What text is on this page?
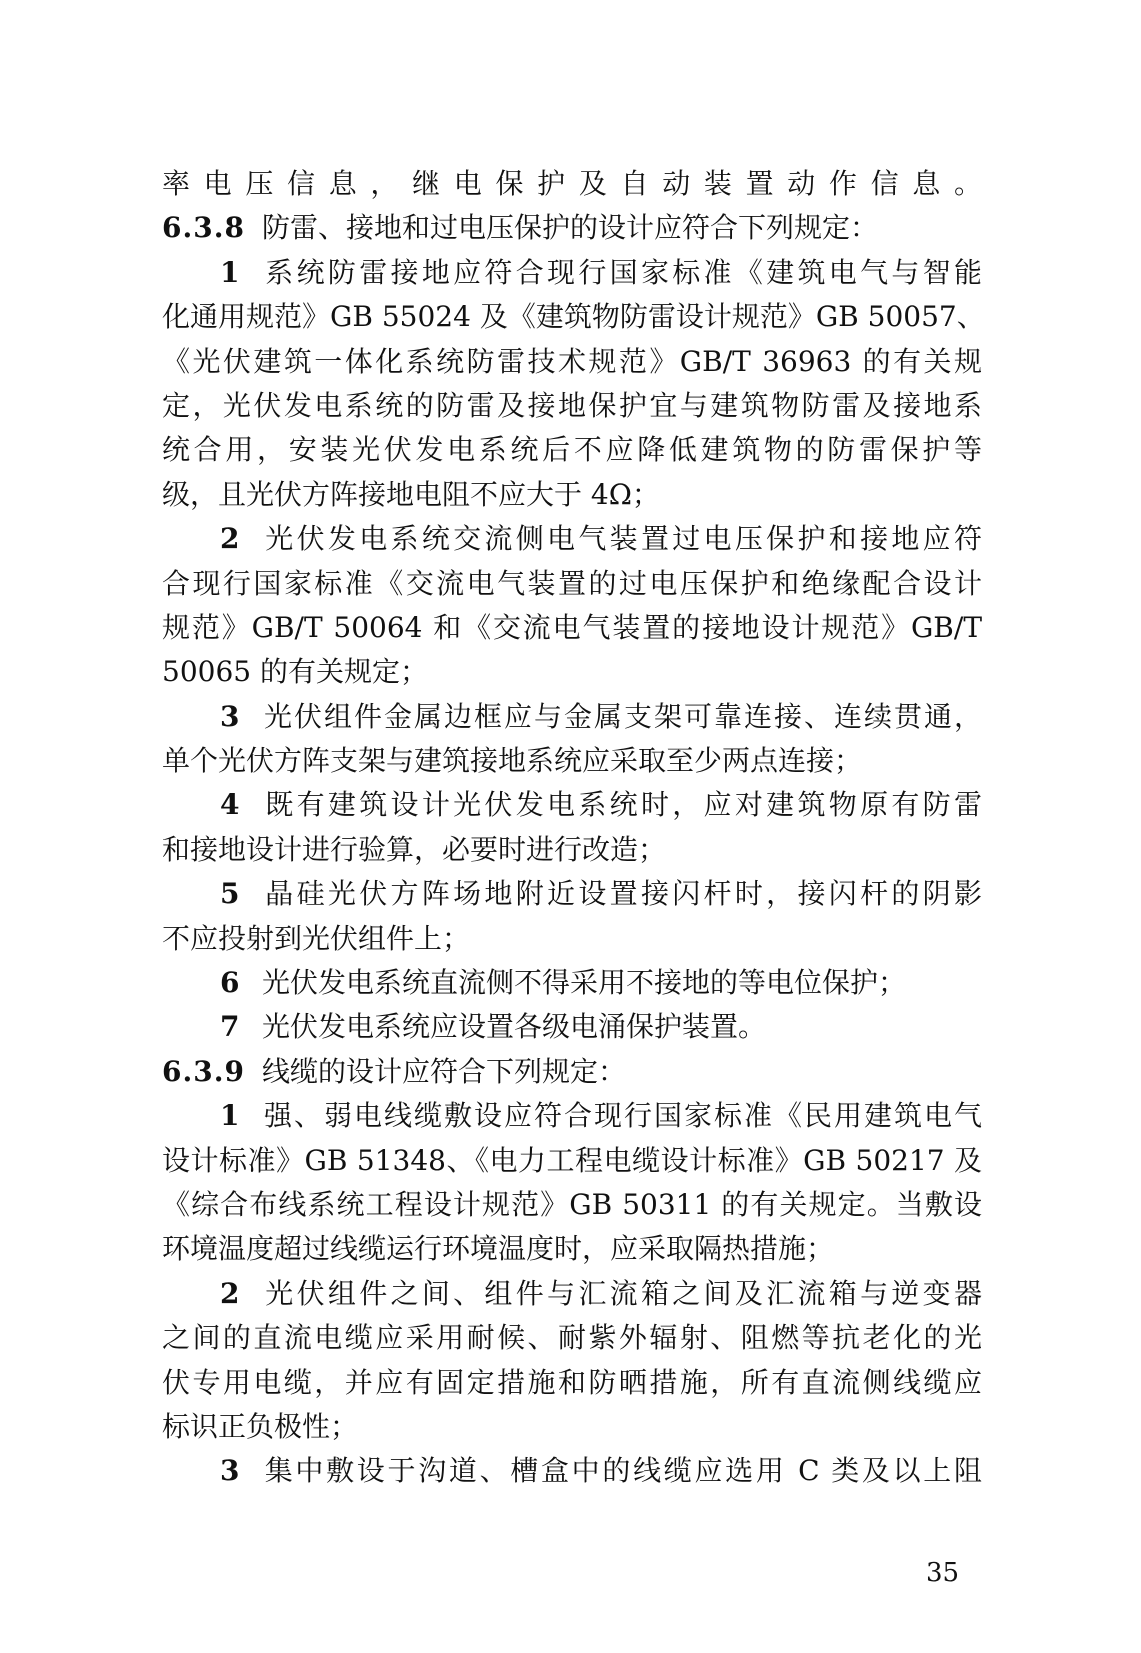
率电压信息，继电保护及自动装置动作信息。
6.3.8 防雷、接地和过电压保护的设计应符合下列规定：
1 系统防雷接地应符合现行国家标准《建筑电气与智能
化通用规范》GB 55024 及《建筑物防雷设计规范》GB 50057、
《光伏建筑一体化系统防雷技术规范》GB/T 36963 的有关规
定，光伏发电系统的防雷及接地保护宜与建筑物防雷及接地系
统合用，安装光伏发电系统后不应降低建筑物的防雷保护等
级，且光伏方阵接地电阻不应大于 4Ω；
2 光伏发电系统交流侧电气装置过电压保护和接地应符
合现行国家标准《交流电气装置的过电压保护和绝缘配合设计
规范》GB/T 50064 和《交流电气装置的接地设计规范》GB/T
50065 的有关规定；
3 光伏组件金属边框应与金属支架可靠连接、连续贯通，
单个光伏方阵支架与建筑接地系统应采取至少两点连接；
4 既有建筑设计光伏发电系统时，应对建筑物原有防雷
和接地设计进行验算，必要时进行改造；
5 晶硅光伏方阵场地附近设置接闪杆时，接闪杆的阴影
不应投射到光伏组件上；
6 光伏发电系统直流侧不得采用不接地的等电位保护；
7 光伏发电系统应设置各级电涌保护装置。
6.3.9 线缆的设计应符合下列规定：
1 强、弱电线缆敷设应符合现行国家标准《民用建筑电气
设计标准》GB 51348、《电力工程电缆设计标准》GB 50217 及
《综合布线系统工程设计规范》GB 50311 的有关规定。当敷设
环境温度超过线缆运行环境温度时，应采取隔热措施；
2 光伏组件之间、组件与汇流箱之间及汇流箱与逆变器
之间的直流电缆应采用耐候、耐紫外辐射、阻燃等抗老化的光
伏专用电缆，并应有固定措施和防晒措施，所有直流侧线缆应
标识正负极性；
3 集中敷设于沟道、槽盒中的线缆应选用 C 类及以上阻
35
